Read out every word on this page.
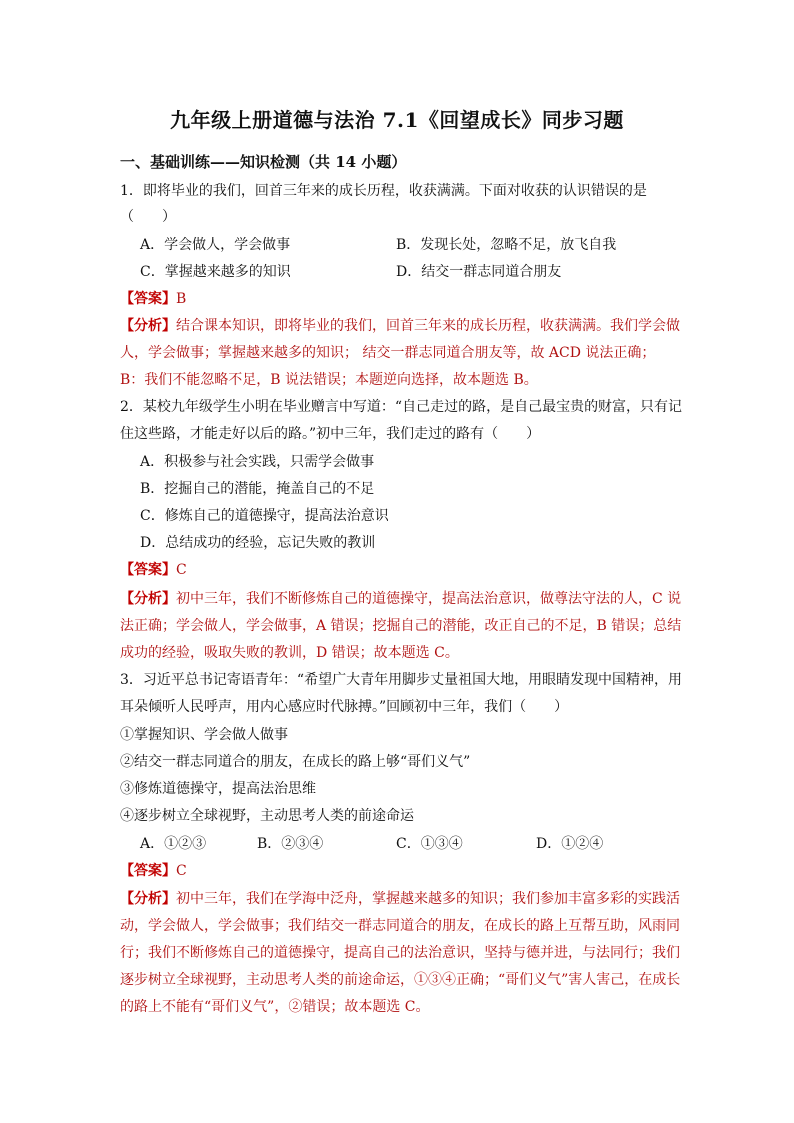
九年级上册道德与法治 7.1《回望成长》同步习题
一、基础训练——知识检测（共 14 小题）
1．即将毕业的我们，回首三年来的成长历程，收获满满。下面对收获的认识错误的是
（　　）
A．学会做人，学会做事	B．发现长处，忽略不足，放飞自我
C．掌握越来越多的知识	D．结交一群志同道合朋友
【答案】B
【分析】结合课本知识，即将毕业的我们，回首三年来的成长历程，收获满满。我们学会做
人，学会做事；掌握越来越多的知识； 结交一群志同道合朋友等，故 ACD 说法正确；
B：我们不能忽略不足，B 说法错误；本题逆向选择，故本题选 B。
2．某校九年级学生小明在毕业赠言中写道：“自己走过的路，是自己最宝贵的财富，只有记
住这些路，才能走好以后的路。”初中三年，我们走过的路有（　　）
A．积极参与社会实践，只需学会做事
B．挖掘自己的潜能，掩盖自己的不足
C．修炼自己的道德操守，提高法治意识
D．总结成功的经验，忘记失败的教训
【答案】C
【分析】初中三年，我们不断修炼自己的道德操守，提高法治意识，做尊法守法的人，C 说
法正确；学会做人，学会做事，A 错误；挖掘自己的潜能，改正自己的不足，B 错误；总结
成功的经验，吸取失败的教训，D 错误；故本题选 C。
3．习近平总书记寄语青年：“希望广大青年用脚步丈量祖国大地，用眼睛发现中国精神，用
耳朵倾听人民呼声，用内心感应时代脉搏。”回顾初中三年，我们（　　）
①掌握知识、学会做人做事
②结交一群志同道合的朋友，在成长的路上够“哥们义气”
③修炼道德操守，提高法治思维
④逐步树立全球视野，主动思考人类的前途命运
A．①②③	B．②③④	C．①③④	D．①②④
【答案】C
【分析】初中三年，我们在学海中泛舟，掌握越来越多的知识；我们参加丰富多彩的实践活
动，学会做人，学会做事；我们结交一群志同道合的朋友，在成长的路上互帮互助，风雨同
行；我们不断修炼自己的道德操守，提高自己的法治意识，坚持与德并进，与法同行；我们
逐步树立全球视野，主动思考人类的前途命运，①③④正确；“哥们义气”害人害己，在成长
的路上不能有“哥们义气”，②错误；故本题选 C。
